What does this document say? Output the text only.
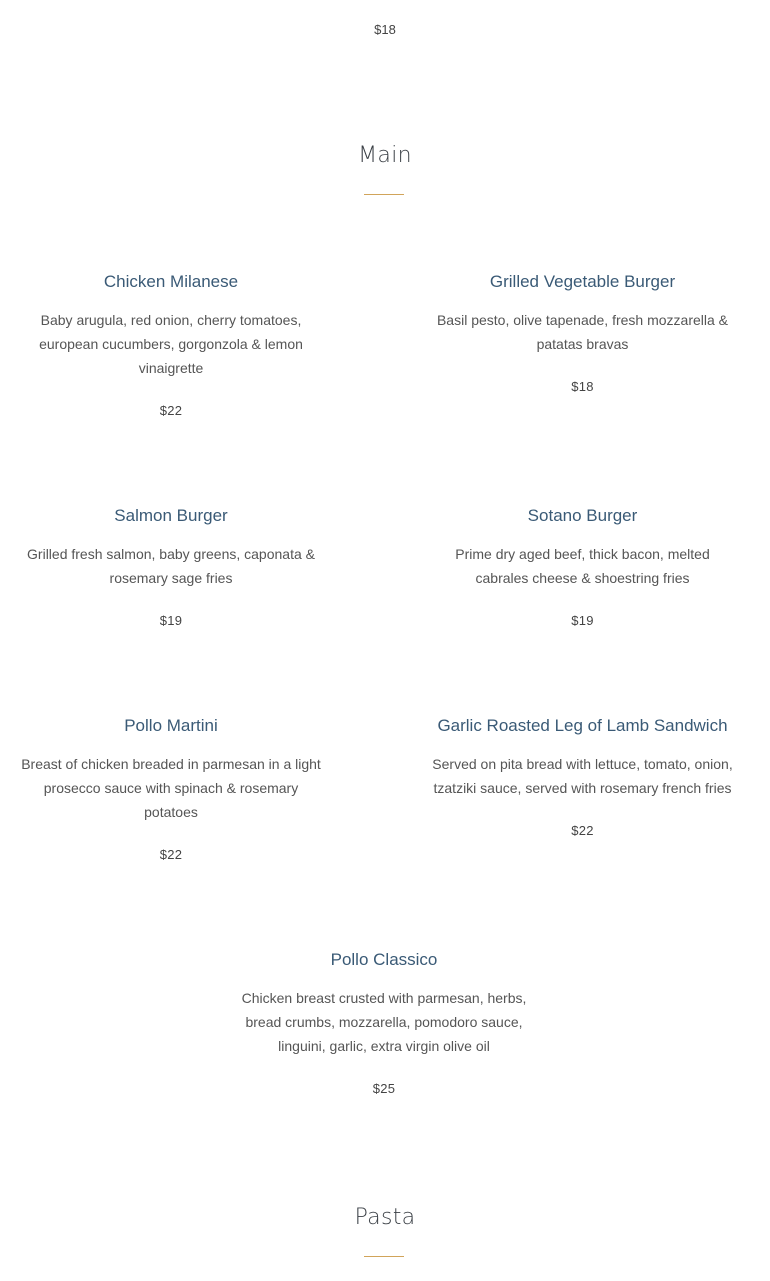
$18
Main
Chicken Milanese
Baby arugula, red onion, cherry tomatoes, european cucumbers, gorgonzola & lemon vinaigrette
$22
Grilled Vegetable Burger
Basil pesto, olive tapenade, fresh mozzarella & patatas bravas
$18
Salmon Burger
Grilled fresh salmon, baby greens, caponata & rosemary sage fries
$19
Sotano Burger
Prime dry aged beef, thick bacon, melted cabrales cheese & shoestring fries
$19
Pollo Martini
Breast of chicken breaded in parmesan in a light prosecco sauce with spinach & rosemary potatoes
$22
Garlic Roasted Leg of Lamb Sandwich
Served on pita bread with lettuce, tomato, onion, tzatziki sauce, served with rosemary french fries
$22
Pollo Classico
Chicken breast crusted with parmesan, herbs, bread crumbs, mozzarella, pomodoro sauce, linguini, garlic, extra virgin olive oil
$25
Pasta
